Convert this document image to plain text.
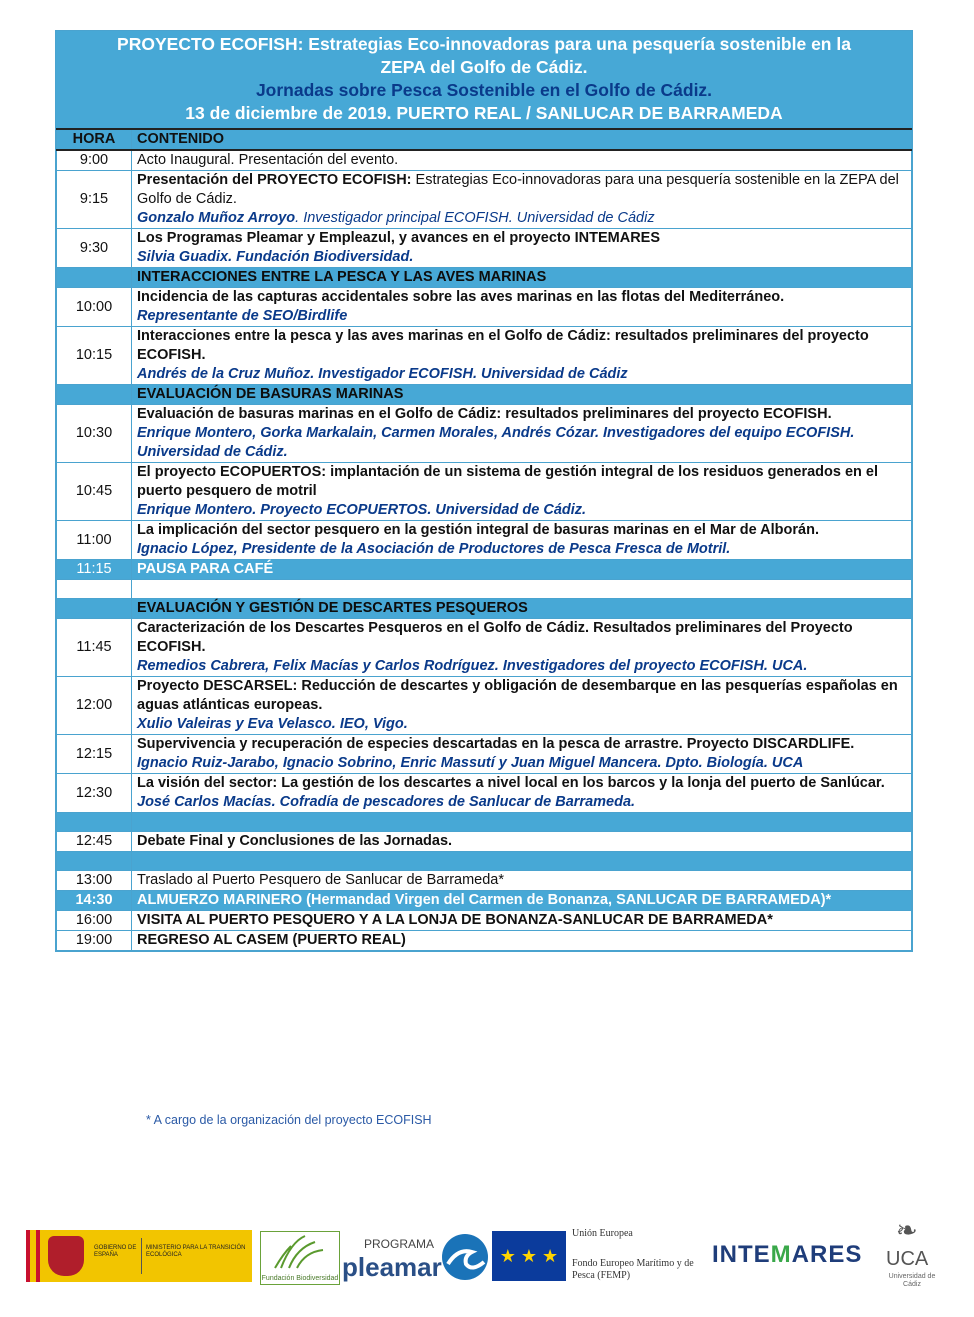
PROYECTO ECOFISH: Estrategias Eco-innovadoras para una pesquería sostenible en la
ZEPA del Golfo de Cádiz.
Jornadas sobre Pesca Sostenible en el Golfo de Cádiz.
13 de diciembre de 2019. PUERTO REAL / SANLUCAR DE BARRAMEDA
HORA	CONTENIDO
9:00	Acto Inaugural. Presentación del evento.
9:15	Presentación del PROYECTO ECOFISH: Estrategias Eco-innovadoras para una pesquería sostenible en la ZEPA del Golfo de Cádiz.
Gonzalo Muñoz Arroyo. Investigador principal ECOFISH. Universidad de Cádiz
9:30	Los Programas Pleamar y Empleazul, y avances en el proyecto INTEMARES
Silvia Guadix. Fundación Biodiversidad.
	INTERACCIONES ENTRE LA PESCA Y LAS AVES MARINAS
10:00	Incidencia de las capturas accidentales sobre las aves marinas en las flotas del Mediterráneo.
Representante de SEO/Birdlife
10:15	Interacciones entre la pesca y las aves marinas en el Golfo de Cádiz: resultados preliminares del proyecto ECOFISH.
Andrés de la Cruz Muñoz. Investigador ECOFISH. Universidad de Cádiz
	EVALUACIÓN DE BASURAS MARINAS
10:30	Evaluación de basuras marinas en el Golfo de Cádiz: resultados preliminares del proyecto ECOFISH.
Enrique Montero, Gorka Markalain, Carmen Morales, Andrés Cózar. Investigadores del equipo ECOFISH. Universidad de Cádiz.
10:45	El proyecto ECOPUERTOS: implantación de un sistema de gestión integral de los residuos generados en el puerto pesquero de motril
Enrique Montero. Proyecto ECOPUERTOS. Universidad de Cádiz.
11:00	La implicación del sector pesquero en la gestión integral de basuras marinas en el Mar de Alborán.
Ignacio López, Presidente de la Asociación de Productores de Pesca Fresca de Motril.
11:15	PAUSA PARA CAFÉ

	EVALUACIÓN Y GESTIÓN DE DESCARTES PESQUEROS
11:45	Caracterización de los Descartes Pesqueros en el Golfo de Cádiz. Resultados preliminares del Proyecto ECOFISH.
Remedios Cabrera, Felix Macías y Carlos Rodríguez. Investigadores del proyecto ECOFISH. UCA.
12:00	Proyecto DESCARSEL: Reducción de descartes y obligación de desembarque en las pesquerías españolas en aguas atlánticas europeas.
Xulio Valeiras y Eva Velasco. IEO, Vigo.
12:15	Supervivencia y recuperación de especies descartadas en la pesca de arrastre. Proyecto DISCARDLIFE.
Ignacio Ruiz-Jarabo, Ignacio Sobrino, Enric Massutí y Juan Miguel Mancera. Dpto. Biología. UCA
12:30	La visión del sector: La gestión de los descartes a nivel local en los barcos y la lonja del puerto de Sanlúcar.
José Carlos Macías. Cofradía de pescadores de Sanlucar de Barrameda.

12:45	Debate Final y Conclusiones de las Jornadas.

13:00	Traslado al Puerto Pesquero de Sanlucar de Barrameda*
14:30	ALMUERZO MARINERO (Hermandad Virgen del Carmen de Bonanza, SANLUCAR DE BARRAMEDA)*
16:00	VISITA AL PUERTO PESQUERO Y A LA LONJA DE BONANZA-SANLUCAR DE BARRAMEDA*
19:00	REGRESO AL CASEM (PUERTO REAL)
* A cargo de la organización del proyecto ECOFISH
GOBIERNO DE ESPAÑA
MINISTERIO PARA LA TRANSICIÓN ECOLÓGICA
Fundación Biodiversidad
PROGRAMA
pleamar	★ ★ ★
Unión Europea
Fondo Europeo Marítimo y de Pesca (FEMP)
INTEMARES
❧
UCA
Universidad de Cádiz
